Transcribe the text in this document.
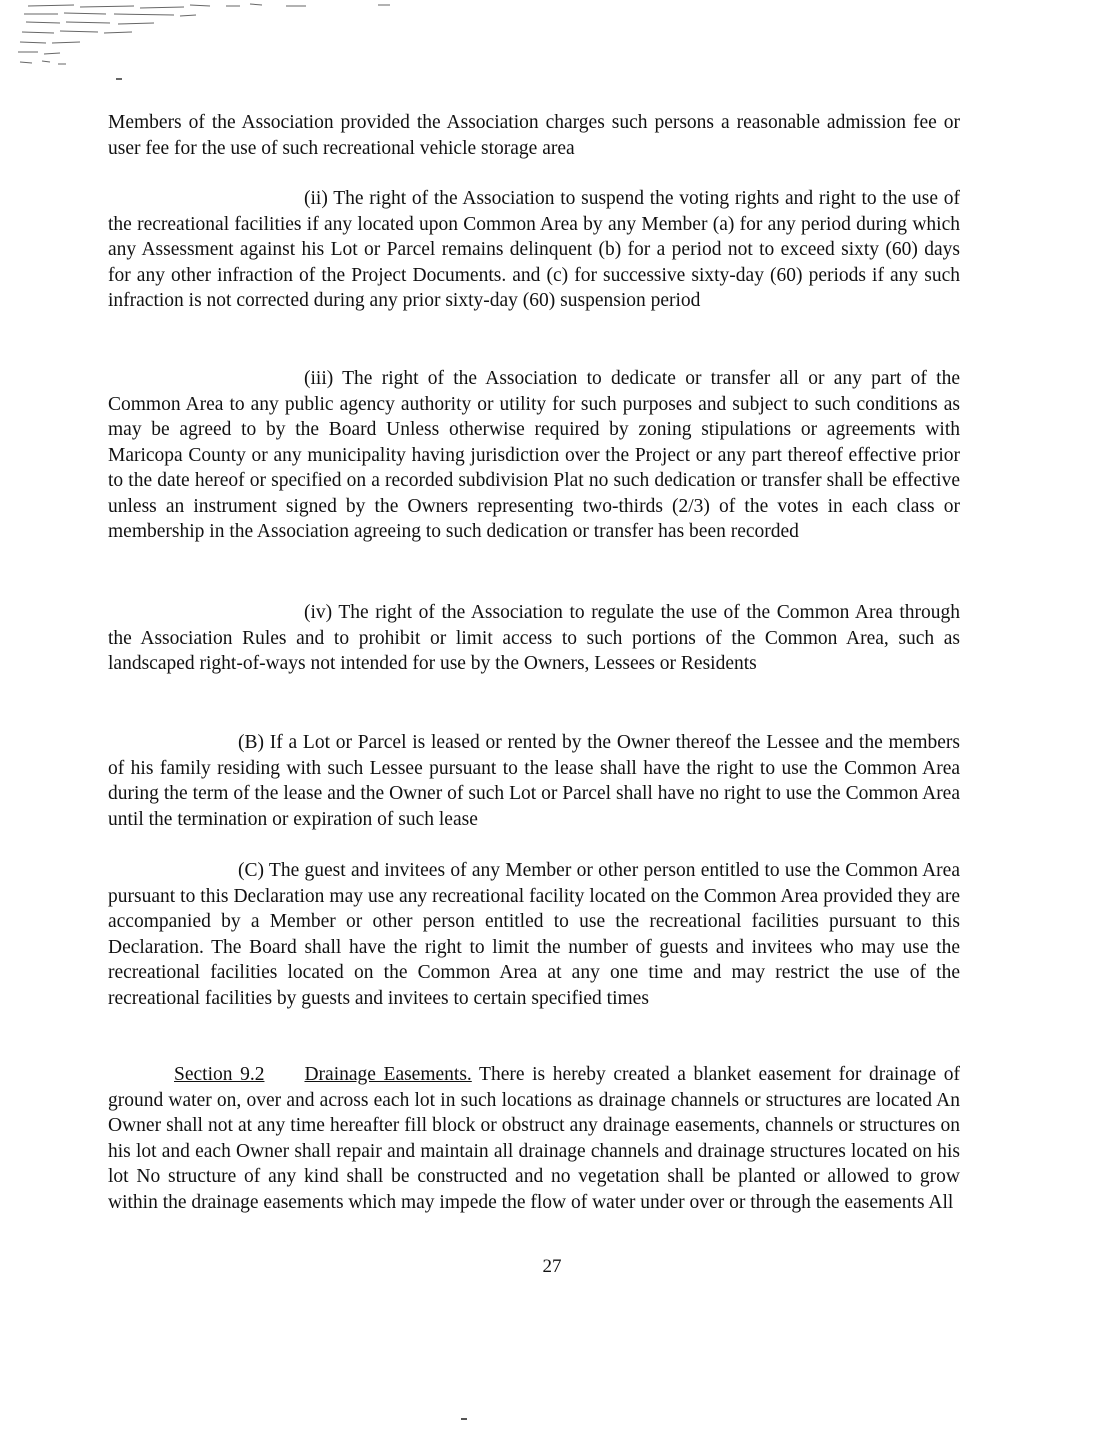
Members of the Association provided the Association charges such persons a reasonable admission fee or user fee for the use of such recreational vehicle storage area

(ii) The right of the Association to suspend the voting rights and right to the use of the recreational facilities if any located upon Common Area by any Member (a) for any period during which any Assessment against his Lot or Parcel remains delinquent (b) for a period not to exceed sixty (60) days for any other infraction of the Project Documents. and (c) for successive sixty-day (60) periods if any such infraction is not corrected during any prior sixty-day (60) suspension period

(iii) The right of the Association to dedicate or transfer all or any part of the Common Area to any public agency authority or utility for such purposes and subject to such conditions as may be agreed to by the Board Unless otherwise required by zoning stipulations or agreements with Maricopa County or any municipality having jurisdiction over the Project or any part thereof effective prior to the date hereof or specified on a recorded subdivision Plat no such dedication or transfer shall be effective unless an instrument signed by the Owners representing two-thirds (2/3) of the votes in each class or membership in the Association agreeing to such dedication or transfer has been recorded

(iv) The right of the Association to regulate the use of the Common Area through the Association Rules and to prohibit or limit access to such portions of the Common Area, such as landscaped right-of-ways not intended for use by the Owners, Lessees or Residents

(B) If a Lot or Parcel is leased or rented by the Owner thereof the Lessee and the members of his family residing with such Lessee pursuant to the lease shall have the right to use the Common Area during the term of the lease and the Owner of such Lot or Parcel shall have no right to use the Common Area until the termination or expiration of such lease

(C) The guest and invitees of any Member or other person entitled to use the Common Area pursuant to this Declaration may use any recreational facility located on the Common Area provided they are accompanied by a Member or other person entitled to use the recreational facilities pursuant to this Declaration. The Board shall have the right to limit the number of guests and invitees who may use the recreational facilities located on the Common Area at any one time and may restrict the use of the recreational facilities by guests and invitees to certain specified times

Section 9.2 Drainage Easements. There is hereby created a blanket easement for drainage of ground water on, over and across each lot in such locations as drainage channels or structures are located An Owner shall not at any time hereafter fill block or obstruct any drainage easements, channels or structures on his lot and each Owner shall repair and maintain all drainage channels and drainage structures located on his lot No structure of any kind shall be constructed and no vegetation shall be planted or allowed to grow within the drainage easements which may impede the flow of water under over or through the easements All

27
